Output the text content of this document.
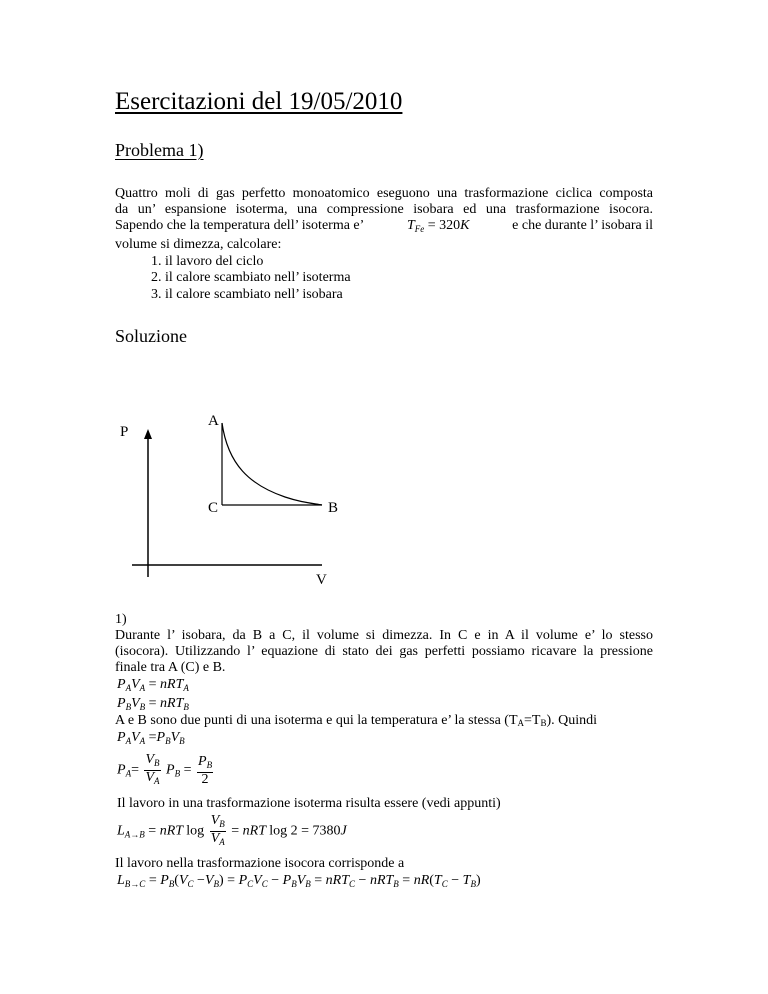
Esercitazioni del 19/05/2010
Problema 1)
Quattro moli di gas perfetto monoatomico eseguono una trasformazione ciclica composta
da un’ espansione isoterma, una compressione isobara ed una trasformazione isocora.
Sapendo che la temperatura dell’ isoterma e’	$T_{Fe} = 320K$	e che durante l’ isobara il
volume si dimezza, calcolare:
1. il lavoro del ciclo
2. il calore scambiato nell’ isoterma
3. il calore scambiato nell’ isobara
Soluzione
P
A
C	B
V
1)
Durante l’ isobara, da B a C, il volume si dimezza. In C e in A il volume e’ lo stesso
(isocora). Utilizzando l’ equazione di stato dei gas perfetti possiamo ricavare la pressione
finale tra A (C) e B.
$P_AV_A = nRT_A$
$P_BV_B = nRT_B$
A e B sono due punti di una isoterma e qui la temperatura e’ la stessa (TA=TB). Quindi
$P_AV_A =P_BV_B$
$P_A= \frac{V_B}{V_A} P_B = \frac{P_B}{2}$
Il lavoro in una trasformazione isoterma risulta essere (vedi appunti)
$L_{A\to B}$ = nRT $\log \frac{V_B}{V_A}$ = nRT log 2 = 7380J
Il lavoro nella trasformazione isocora corrisponde a
$L_{B\to C} = P_B(V_C -V_B) = P_CV_C - P_BV_B = nRT_C - nRT_B = nR(T_C - T_B)$
